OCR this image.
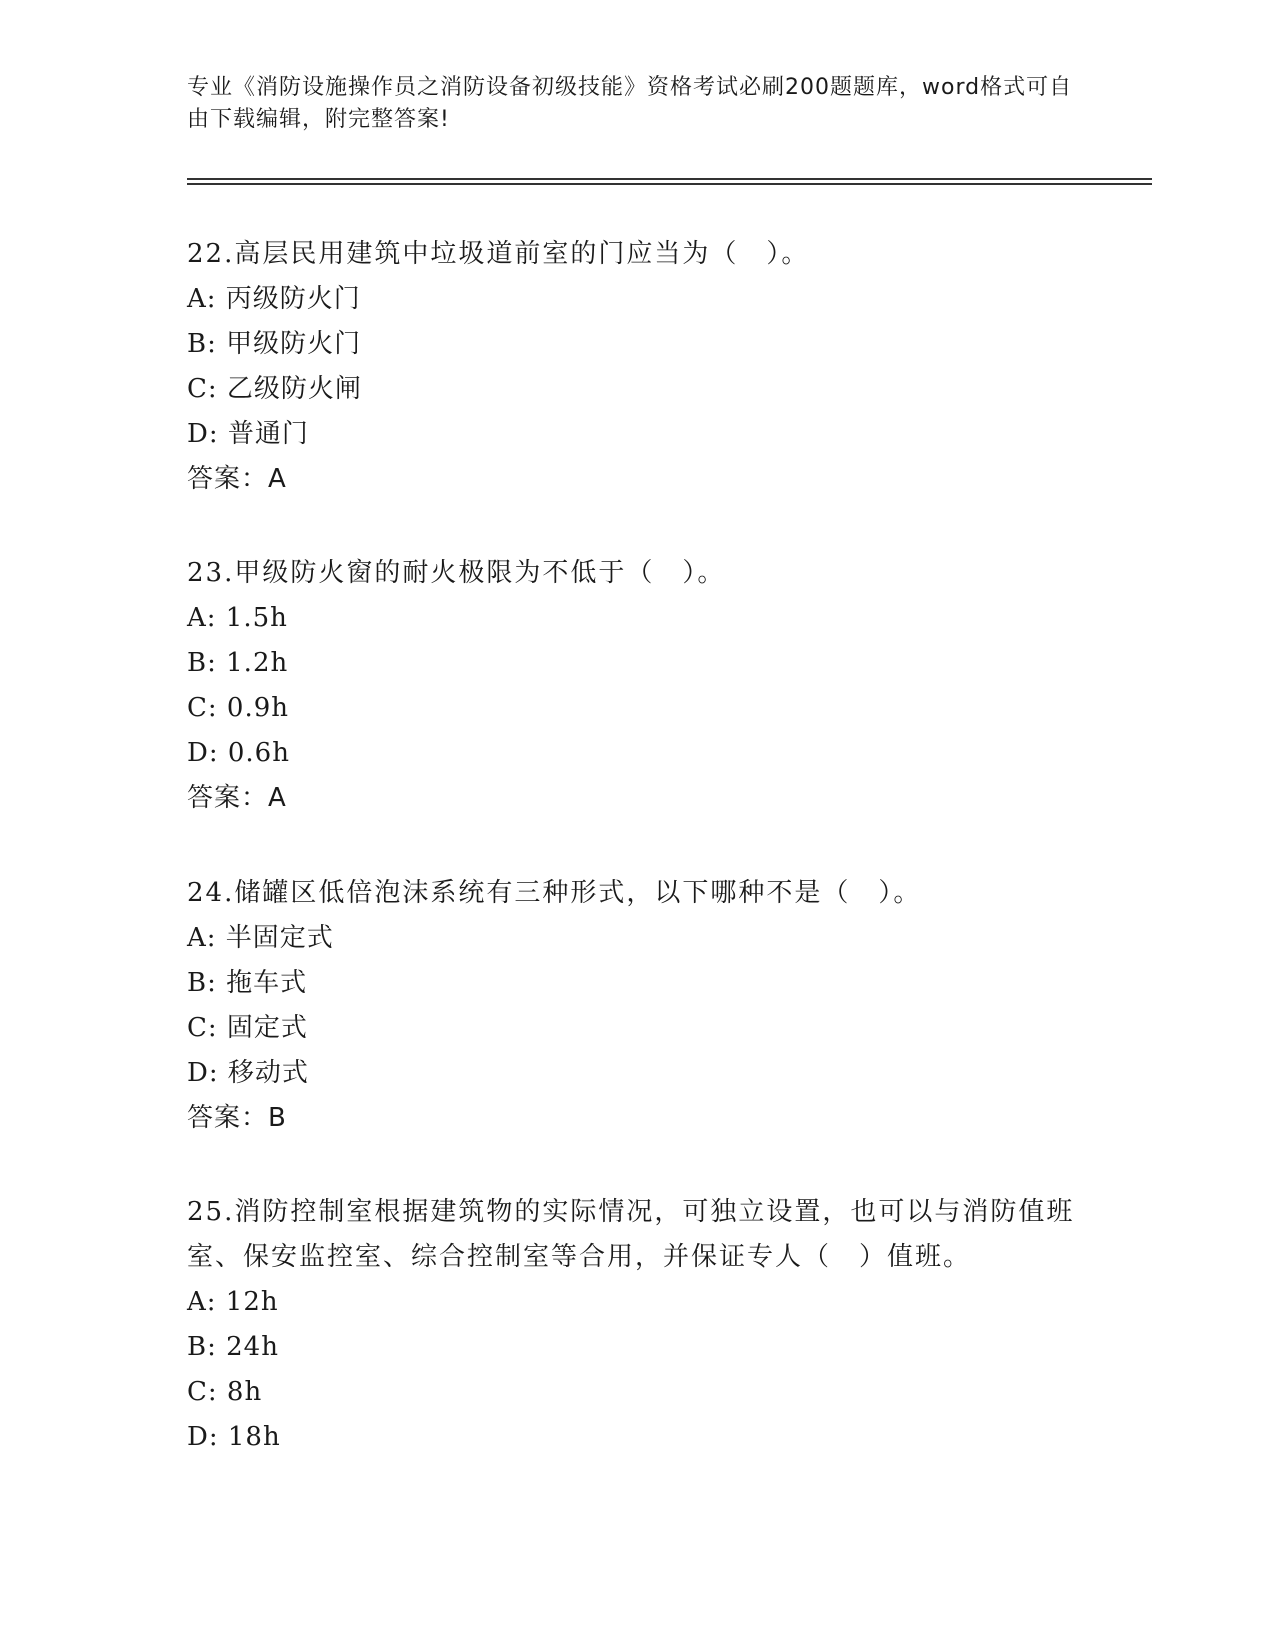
专业《消防设施操作员之消防设备初级技能》资格考试必刷200题题库，word格式可自由下载编辑，附完整答案!

22.高层民用建筑中垃圾道前室的门应当为（　）。

A: 丙级防火门

B: 甲级防火门

C: 乙级防火闸

D: 普通门

答案：A

23.甲级防火窗的耐火极限为不低于（　）。

A: 1.5h

B: 1.2h

C: 0.9h

D: 0.6h

答案：A

24.储罐区低倍泡沫系统有三种形式，以下哪种不是（　）。

A: 半固定式

B: 拖车式

C: 固定式

D: 移动式

答案：B

25.消防控制室根据建筑物的实际情况，可独立设置，也可以与消防值班室、保安监控室、综合控制室等合用，并保证专人（　）值班。

A: 12h

B: 24h

C: 8h

D: 18h
